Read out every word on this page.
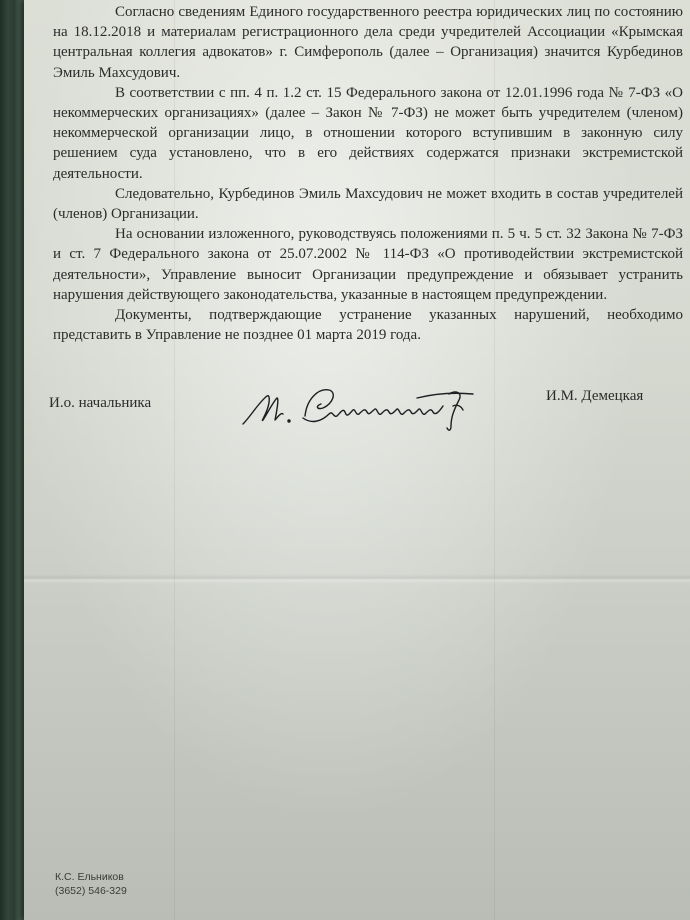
Согласно сведениям Единого государственного реестра юридических лиц по состоянию на 18.12.2018 и материалам регистрационного дела среди учредителей Ассоциации «Крымская центральная коллегия адвокатов» г. Симферополь (далее – Организация) значится Курбединов Эмиль Махсудович.

В соответствии с пп. 4 п. 1.2 ст. 15 Федерального закона от 12.01.1996 года № 7-ФЗ «О некоммерческих организациях» (далее – Закон № 7-ФЗ) не может быть учредителем (членом) некоммерческой организации лицо, в отношении которого вступившим в законную силу решением суда установлено, что в его действиях содержатся признаки экстремистской деятельности.

Следовательно, Курбединов Эмиль Махсудович не может входить в состав учредителей (членов) Организации.

На основании изложенного, руководствуясь положениями п. 5 ч. 5 ст. 32 Закона № 7-ФЗ и ст. 7 Федерального закона от 25.07.2002 № 114-ФЗ «О противодействии экстремистской деятельности», Управление выносит Организации предупреждение и обязывает устранить нарушения действующего законодательства, указанные в настоящем предупреждении.

Документы, подтверждающие устранение указанных нарушений, необходимо представить в Управление не позднее 01 марта 2019 года.

И.о. начальника	И.М. Демецкая
К.С. Ельников
(3652) 546-329
